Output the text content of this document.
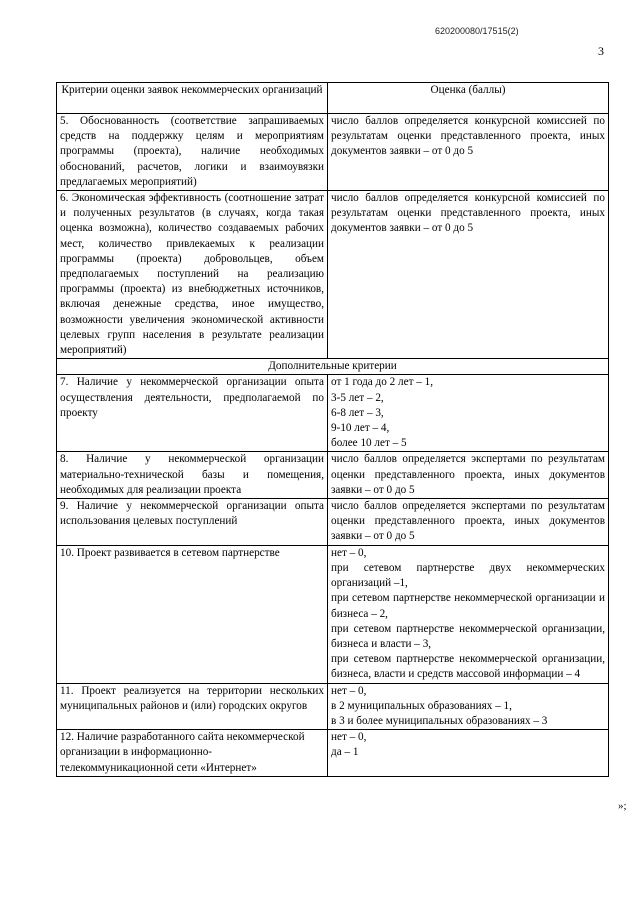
620200080/17515(2)
3
Критерии оценки заявок некоммерческих организаций	Оценка (баллы)
5. Обоснованность (соответствие запрашиваемых средств на поддержку целям и мероприятиям программы (проекта), наличие необходимых обоснований, расчетов, логики и взаимоувязки предлагаемых мероприятий)	число баллов определяется конкурсной комиссией по результатам оценки представленного проекта, иных документов заявки – от 0 до 5
6. Экономическая эффективность (соотношение затрат и полученных результатов (в случаях, когда такая оценка возможна), количество создаваемых рабочих мест, количество привлекаемых к реализации программы (проекта) добровольцев, объем предполагаемых поступлений на реализацию программы (проекта) из внебюджетных источников, включая денежные средства, иное имущество, возможности увеличения экономической активности целевых групп населения в результате реализации мероприятий)	число баллов определяется конкурсной комиссией по результатам оценки представленного проекта, иных документов заявки – от 0 до 5
Дополнительные критерии	
7. Наличие у некоммерческой организации опыта осуществления деятельности, предполагаемой по проекту	от 1 года до 2 лет – 1,
3-5 лет – 2,
6-8 лет – 3,
9-10 лет – 4,
более 10 лет – 5

8. Наличие у некоммерческой организации материально-технической базы и помещения, необходимых для реализации проекта	число баллов определяется экспертами по результатам оценки представленного проекта, иных документов заявки – от 0 до 5

9. Наличие у некоммерческой организации опыта использования целевых поступлений	число баллов определяется экспертами по результатам оценки представленного проекта, иных документов заявки – от 0 до 5

10. Проект развивается в сетевом партнерстве	нет – 0,
при сетевом партнерстве двух некоммерческих организаций –1,
при сетевом партнерстве некоммерческой организации и бизнеса – 2,
при сетевом партнерстве некоммерческой организации, бизнеса и власти – 3,
при сетевом партнерстве некоммерческой организации, бизнеса, власти и средств массовой информации – 4

11. Проект реализуется на территории нескольких муниципальных районов и (или) городских округов	нет – 0,
в 2 муниципальных образованиях – 1,
в 3 и более муниципальных образованиях – 3

12. Наличие разработанного сайта некоммерческой организации в информационно-телекоммуникационной сети «Интернет»	нет – 0,
да – 1
»;
